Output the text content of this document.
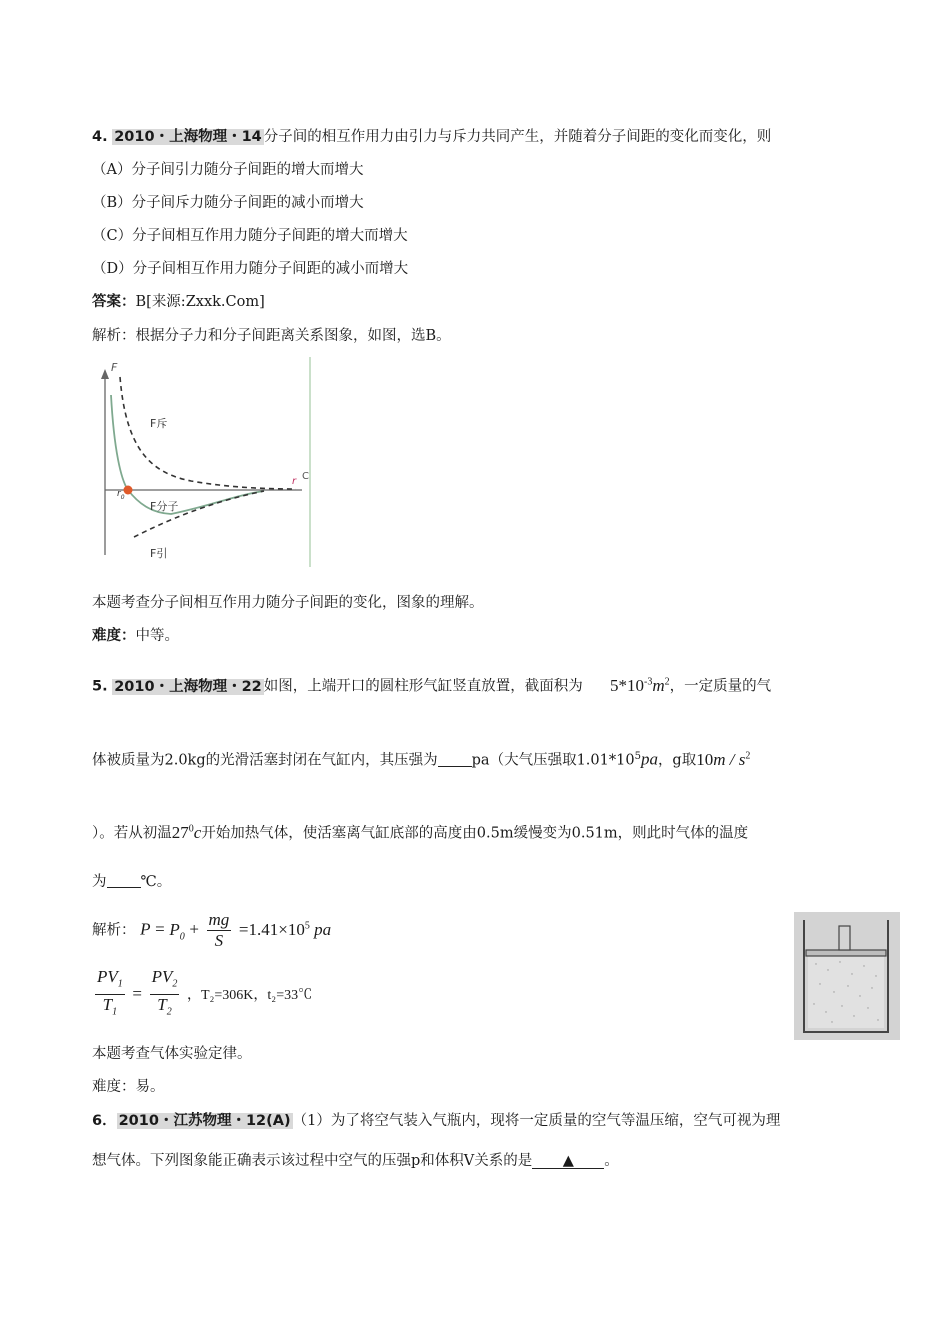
4. 2010・上海物理・14 分子间的相互作用力由引力与斥力共同产生，并随着分子间距的变化而变化，则
（A）分子间引力随分子间距的增大而增大
（B）分子间斥力随分子间距的减小而增大
（C）分子间相互作用力随分子间距的增大而增大
（D）分子间相互作用力随分子间距的减小而增大
答案：B[来源:Zxxk.Com]
解析：根据分子力和分子间距离关系图象，如图，选B。
F
r
$r_0$
F斥
F分子
F引
C
本题考查分子间相互作用力随分子间距的变化，图象的理解。
难度：中等。
5. 2010・上海物理・22 如图，上端开口的圆柱形气缸竖直放置，截面积为 $5*10^{-3}m^2$，一定质量的气
体被质量为2.0kg的光滑活塞封闭在气缸内，其压强为 pa（大气压强取$1.01*10^5pa$，g取$10m / s^2$
）。若从初温$27^0c$开始加热气体，使活塞离气缸底部的高度由0.5m缓慢变为0.51m，则此时气体的温度
为 ℃。
解析： $P = P_0 + \frac{mg}{S} =1.41\times 10^5$ pa
$\frac{PV_1}{T_1} = \frac{PV_2}{T_2}$ ，T₂=306K，t₂=33℃
本题考查气体实验定律。
难度：易。
6． 2010・江苏物理・12(A) （1）为了将空气装入气瓶内，现将一定质量的空气等温压缩，空气可视为理
想气体。下列图象能正确表示该过程中空气的压强p和体积V关系的是 ▲ 。
